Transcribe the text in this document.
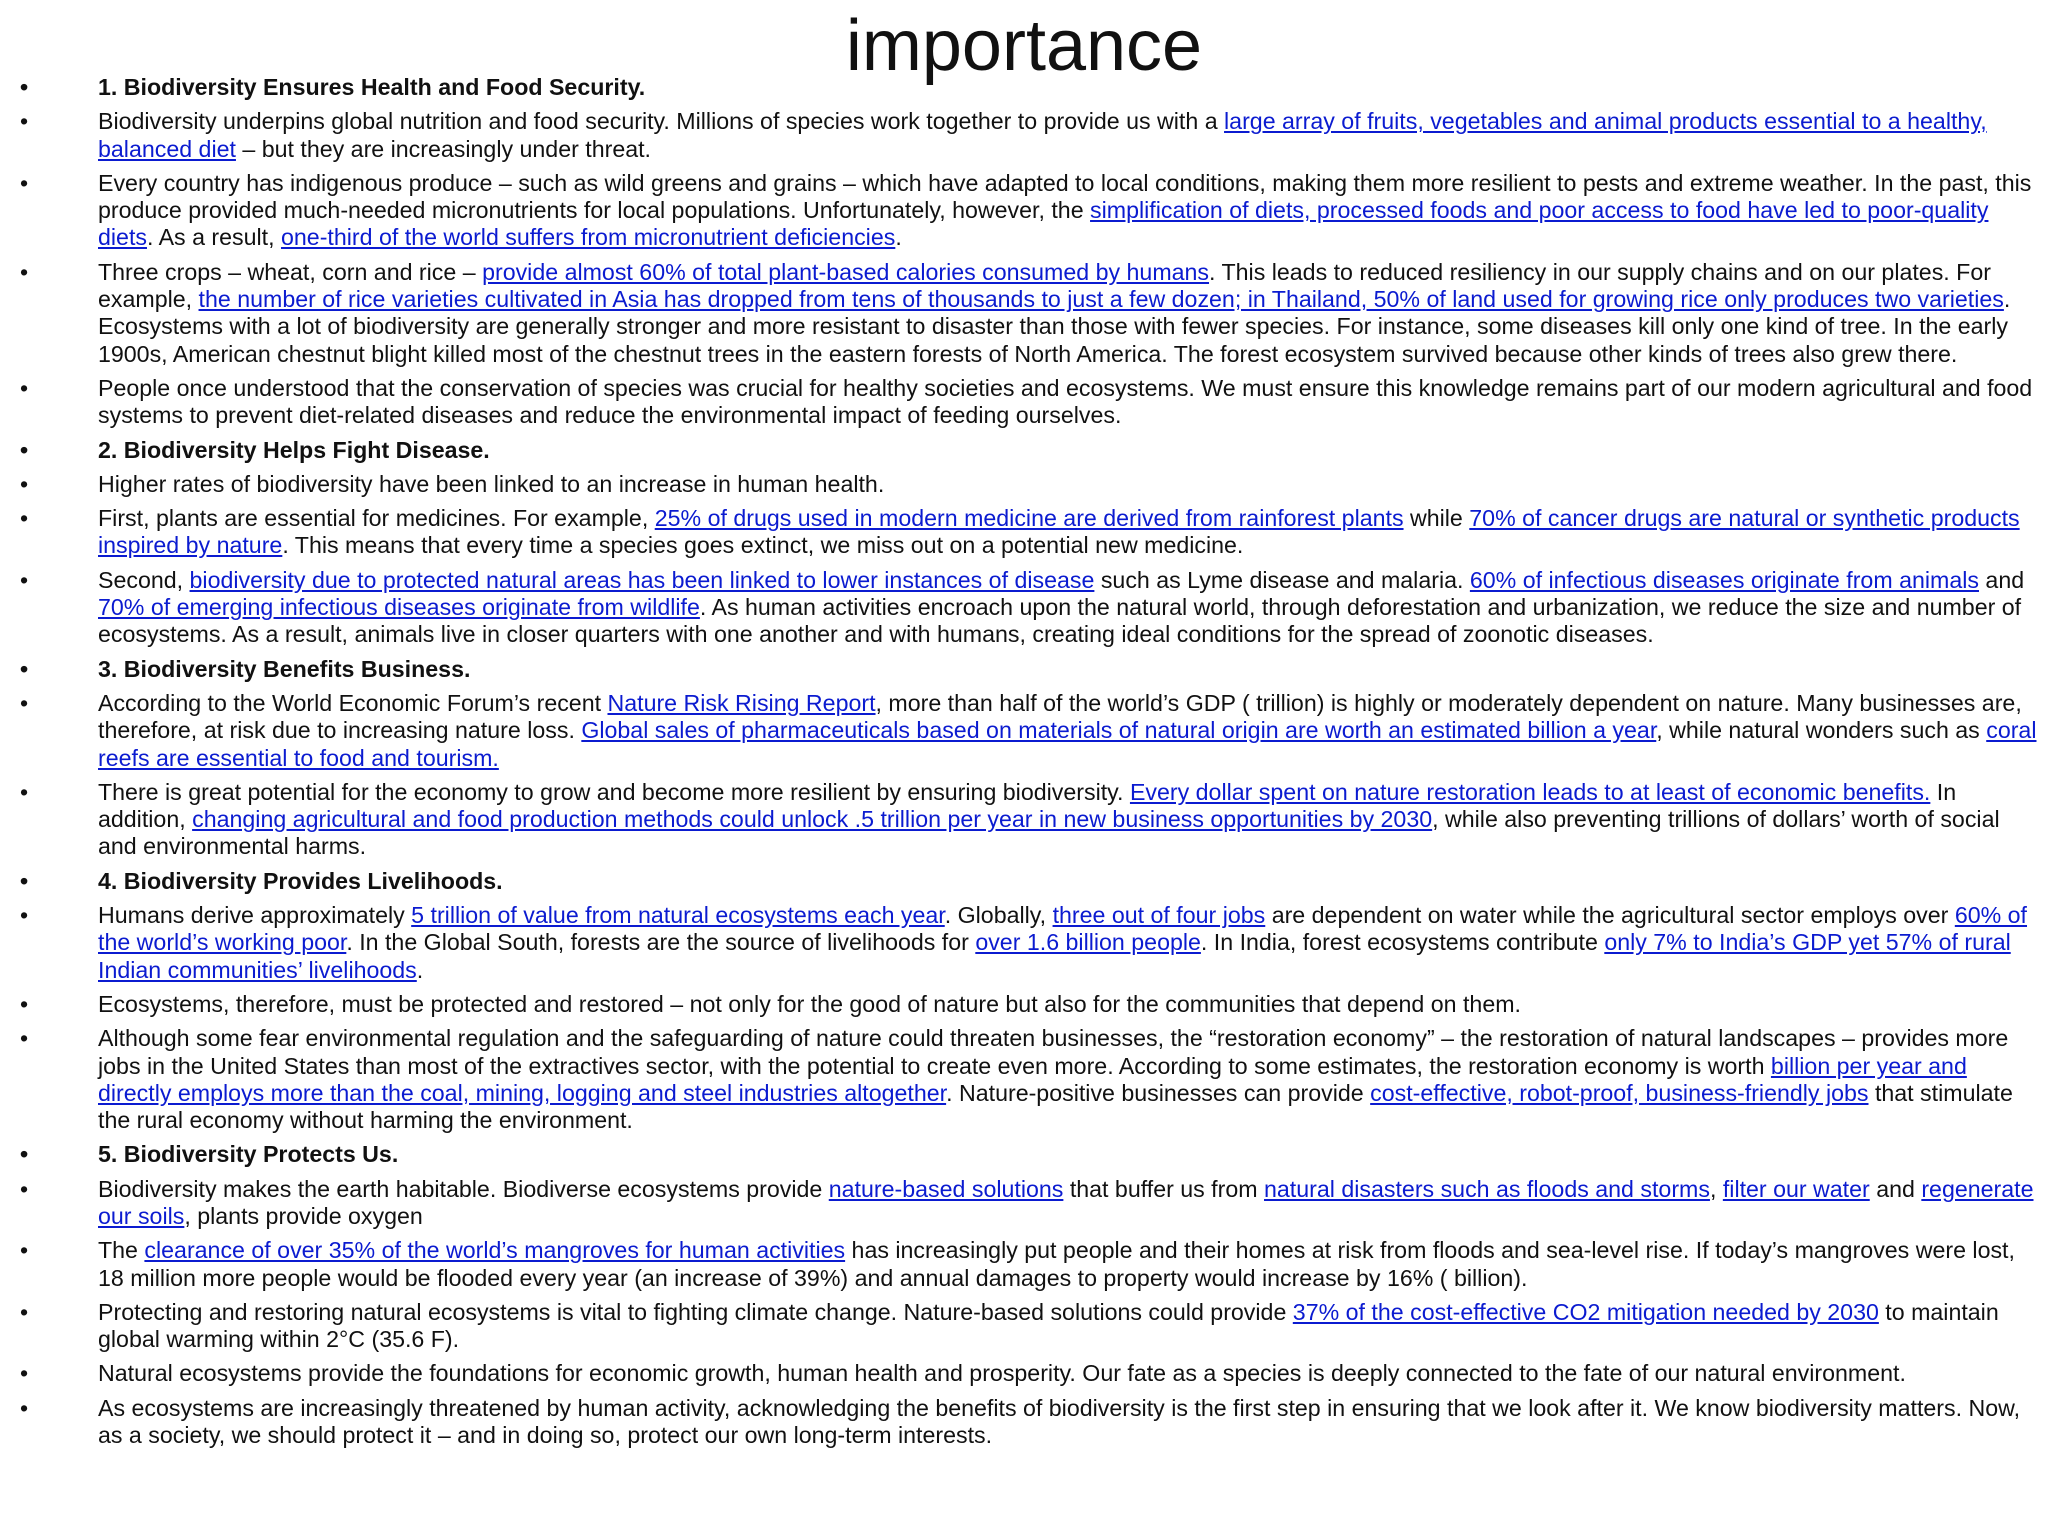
importance
•	1. Biodiversity Ensures Health and Food Security.
•	Biodiversity underpins global nutrition and food security. Millions of species work together to provide us with a large array of fruits, vegetables and animal products essential to a healthy, balanced diet – but they are increasingly under threat.
•	Every country has indigenous produce – such as wild greens and grains – which have adapted to local conditions, making them more resilient to pests and extreme weather. In the past, this produce provided much-needed micronutrients for local populations. Unfortunately, however, the simplification of diets, processed foods and poor access to food have led to poor-quality diets. As a result, one-third of the world suffers from micronutrient deficiencies.
•	Three crops – wheat, corn and rice – provide almost 60% of total plant-based calories consumed by humans. This leads to reduced resiliency in our supply chains and on our plates. For example, the number of rice varieties cultivated in Asia has dropped from tens of thousands to just a few dozen; in Thailand, 50% of land used for growing rice only produces two varieties. Ecosystems with a lot of biodiversity are generally stronger and more resistant to disaster than those with fewer species. For instance, some diseases kill only one kind of tree. In the early 1900s, American chestnut blight killed most of the chestnut trees in the eastern forests of North America. The forest ecosystem survived because other kinds of trees also grew there.
•	People once understood that the conservation of species was crucial for healthy societies and ecosystems. We must ensure this knowledge remains part of our modern agricultural and food systems to prevent diet-related diseases and reduce the environmental impact of feeding ourselves.
•	2. Biodiversity Helps Fight Disease.
•	Higher rates of biodiversity have been linked to an increase in human health.
•	First, plants are essential for medicines. For example, 25% of drugs used in modern medicine are derived from rainforest plants while 70% of cancer drugs are natural or synthetic products inspired by nature. This means that every time a species goes extinct, we miss out on a potential new medicine.
•	Second, biodiversity due to protected natural areas has been linked to lower instances of disease such as Lyme disease and malaria. 60% of infectious diseases originate from animals and 70% of emerging infectious diseases originate from wildlife. As human activities encroach upon the natural world, through deforestation and urbanization, we reduce the size and number of ecosystems. As a result, animals live in closer quarters with one another and with humans, creating ideal conditions for the spread of zoonotic diseases.
•	3. Biodiversity Benefits Business.
•	According to the World Economic Forum’s recent Nature Risk Rising Report, more than half of the world’s GDP ( trillion) is highly or moderately dependent on nature. Many businesses are, therefore, at risk due to increasing nature loss. Global sales of pharmaceuticals based on materials of natural origin are worth an estimated billion a year, while natural wonders such as coral reefs are essential to food and tourism.
•	There is great potential for the economy to grow and become more resilient by ensuring biodiversity. Every dollar spent on nature restoration leads to at least of economic benefits. In addition, changing agricultural and food production methods could unlock .5 trillion per year in new business opportunities by 2030, while also preventing trillions of dollars’ worth of social and environmental harms.
•	4. Biodiversity Provides Livelihoods.
•	Humans derive approximately 5 trillion of value from natural ecosystems each year. Globally, three out of four jobs are dependent on water while the agricultural sector employs over 60% of the world’s working poor. In the Global South, forests are the source of livelihoods for over 1.6 billion people. In India, forest ecosystems contribute only 7% to India’s GDP yet 57% of rural Indian communities’ livelihoods.
•	Ecosystems, therefore, must be protected and restored – not only for the good of nature but also for the communities that depend on them.
•	Although some fear environmental regulation and the safeguarding of nature could threaten businesses, the “restoration economy” – the restoration of natural landscapes – provides more jobs in the United States than most of the extractives sector, with the potential to create even more. According to some estimates, the restoration economy is worth billion per year and directly employs more than the coal, mining, logging and steel industries altogether. Nature-positive businesses can provide cost-effective, robot-proof, business-friendly jobs that stimulate the rural economy without harming the environment.
•	5. Biodiversity Protects Us.
•	Biodiversity makes the earth habitable. Biodiverse ecosystems provide nature-based solutions that buffer us from natural disasters such as floods and storms, filter our water and regenerate our soils, plants provide oxygen
•	The clearance of over 35% of the world’s mangroves for human activities has increasingly put people and their homes at risk from floods and sea-level rise. If today’s mangroves were lost, 18 million more people would be flooded every year (an increase of 39%) and annual damages to property would increase by 16% ( billion).
•	Protecting and restoring natural ecosystems is vital to fighting climate change. Nature-based solutions could provide 37% of the cost-effective CO2 mitigation needed by 2030 to maintain global warming within 2°C (35.6 F).
•	Natural ecosystems provide the foundations for economic growth, human health and prosperity. Our fate as a species is deeply connected to the fate of our natural environment.
•	As ecosystems are increasingly threatened by human activity, acknowledging the benefits of biodiversity is the first step in ensuring that we look after it. We know biodiversity matters. Now, as a society, we should protect it – and in doing so, protect our own long-term interests.
